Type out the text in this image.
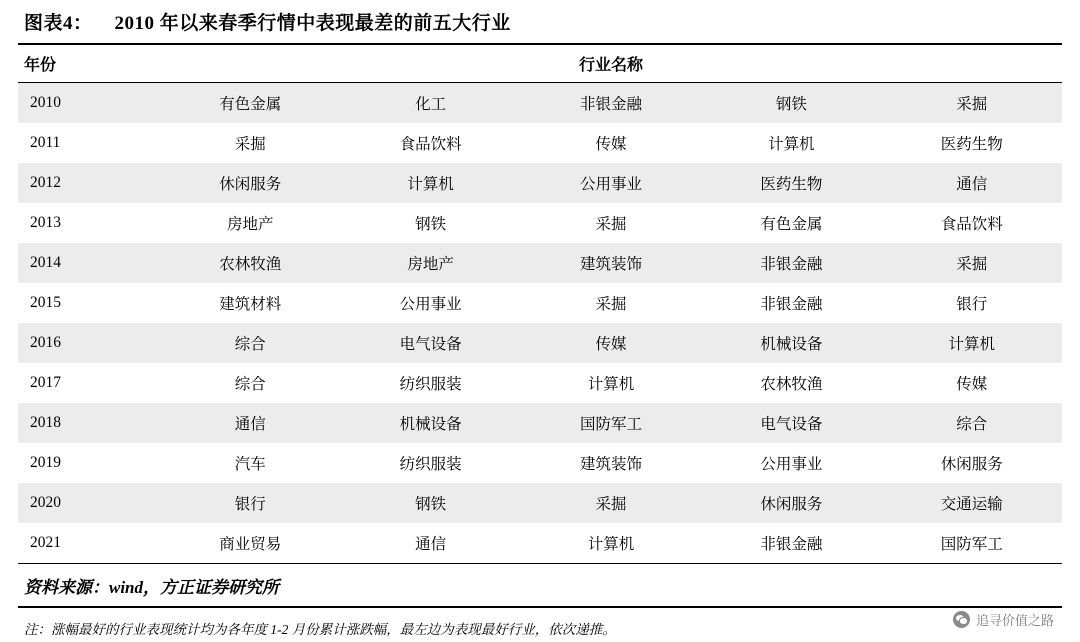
图表4： 2010 年以来春季行情中表现最差的前五大行业
年份	行业名称				
2010	有色金属	化工	非银金融	钢铁	采掘
2011	采掘	食品饮料	传媒	计算机	医药生物
2012	休闲服务	计算机	公用事业	医药生物	通信
2013	房地产	钢铁	采掘	有色金属	食品饮料
2014	农林牧渔	房地产	建筑装饰	非银金融	采掘
2015	建筑材料	公用事业	采掘	非银金融	银行
2016	综合	电气设备	传媒	机械设备	计算机
2017	综合	纺织服装	计算机	农林牧渔	传媒
2018	通信	机械设备	国防军工	电气设备	综合
2019	汽车	纺织服装	建筑装饰	公用事业	休闲服务
2020	银行	钢铁	采掘	休闲服务	交通运输
2021	商业贸易	通信	计算机	非银金融	国防军工
资料来源：wind，方正证券研究所
注：涨幅最好的行业表现统计均为各年度 1-2 月份累计涨跌幅，最左边为表现最好行业，依次递推。
追寻价值之路
